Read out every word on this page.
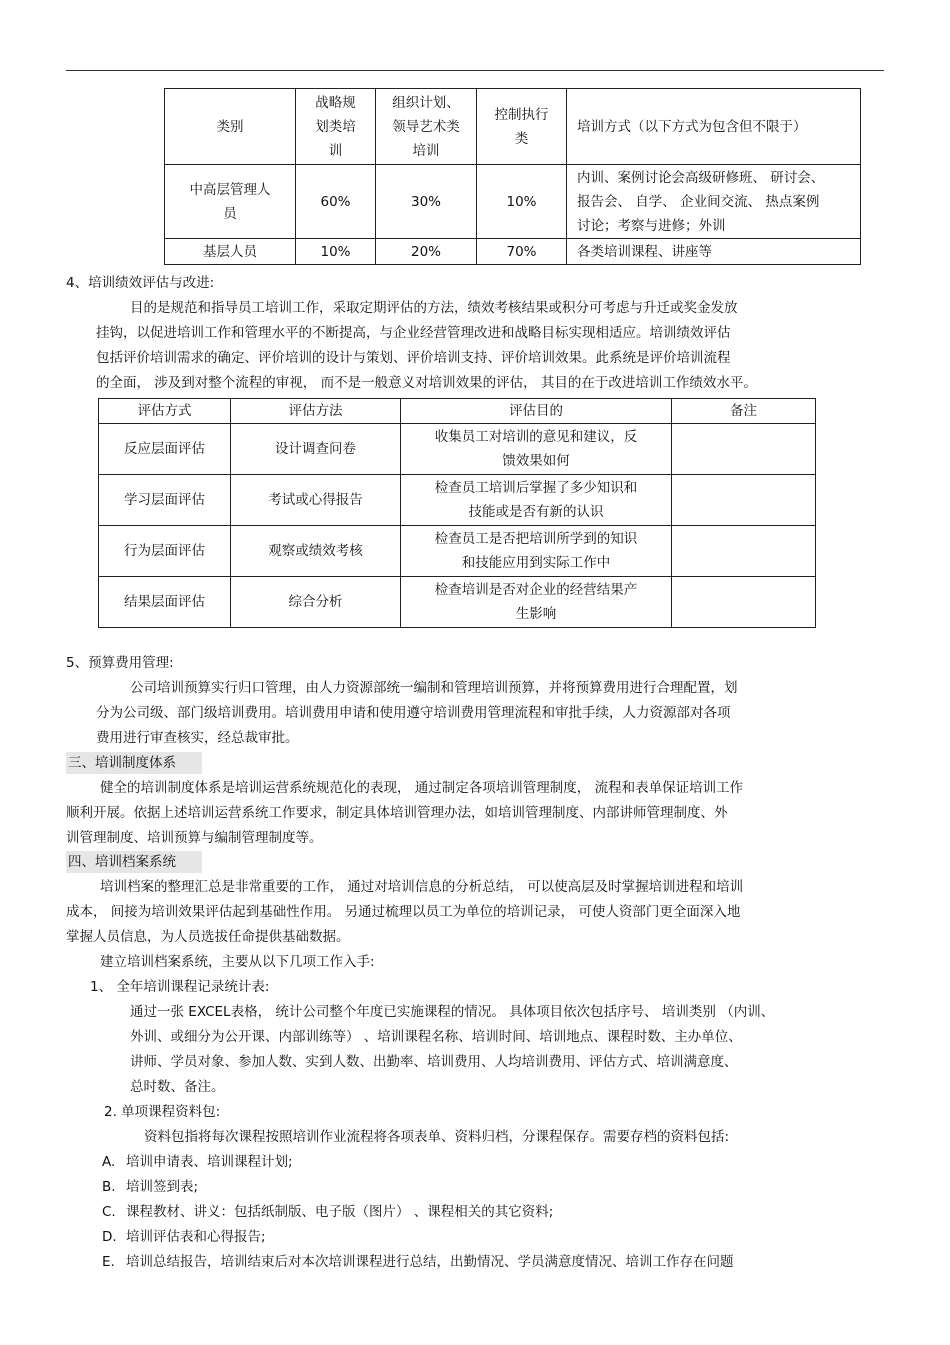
类别	战略规
划类培
训	组织计划、
领导艺术类
培训	控制执行
类	培训方式（以下方式为包含但不限于）

中高层管理人
员	60%	30%	10%	内训、案例讨论会高级研修班、 研讨会、
报告会、 自学、 企业间交流、 热点案例
讨论；考察与进修；外训

基层人员	10%	20%	70%	各类培训课程、讲座等
4、培训绩效评估与改进:
目的是规范和指导员工培训工作，采取定期评估的方法，绩效考核结果或积分可考虑与升迁或奖金发放
挂钩，以促进培训工作和管理水平的不断提高，与企业经营管理改进和战略目标实现相适应。培训绩效评估
包括评价培训需求的确定、评价培训的设计与策划、评价培训支持、评价培训效果。此系统是评价培训流程
的全面， 涉及到对整个流程的审视， 而不是一般意义对培训效果的评估， 其目的在于改进培训工作绩效水平。
评估方式	评估方法	评估目的	备注
反应层面评估	设计调查问卷	收集员工对培训的意见和建议，反
馈效果如何	

学习层面评估	考试或心得报告	检查员工培训后掌握了多少知识和
技能或是否有新的认识	

行为层面评估	观察或绩效考核	检查员工是否把培训所学到的知识
和技能应用到实际工作中	

结果层面评估	综合分析	检查培训是否对企业的经营结果产
生影响	

5、预算费用管理:
公司培训预算实行归口管理，由人力资源部统一编制和管理培训预算，并将预算费用进行合理配置，划
分为公司级、部门级培训费用。培训费用申请和使用遵守培训费用管理流程和审批手续，人力资源部对各项
费用进行审查核实，经总裁审批。
三、培训制度体系
健全的培训制度体系是培训运营系统规范化的表现， 通过制定各项培训管理制度， 流程和表单保证培训工作
顺利开展。依据上述培训运营系统工作要求，制定具体培训管理办法，如培训管理制度、内部讲师管理制度、外
训管理制度、培训预算与编制管理制度等。
四、培训档案系统
培训档案的整理汇总是非常重要的工作， 通过对培训信息的分析总结， 可以使高层及时掌握培训进程和培训
成本， 间接为培训效果评估起到基础性作用。 另通过梳理以员工为单位的培训记录， 可使人资部门更全面深入地
掌握人员信息，为人员选拔任命提供基础数据。
建立培训档案系统，主要从以下几项工作入手:
1、 全年培训课程记录统计表:
通过一张 EXCEL表格， 统计公司整个年度已实施课程的情况。 具体项目依次包括序号、 培训类别 （内训、
外训、或细分为公开课、内部训练等） 、培训课程名称、培训时间、培训地点、课程时数、主办单位、
讲师、学员对象、参加人数、实到人数、出勤率、培训费用、人均培训费用、评估方式、培训满意度、
总时数、备注。
2. 单项课程资料包:
资料包指将每次课程按照培训作业流程将各项表单、资料归档，分课程保存。需要存档的资料包括:
A. 培训申请表、培训课程计划;
B. 培训签到表;
C. 课程教材、讲义：包括纸制版、电子版（图片） 、课程相关的其它资料;
D. 培训评估表和心得报告;
E. 培训总结报告，培训结束后对本次培训课程进行总结，出勤情况、学员满意度情况、培训工作存在问题
